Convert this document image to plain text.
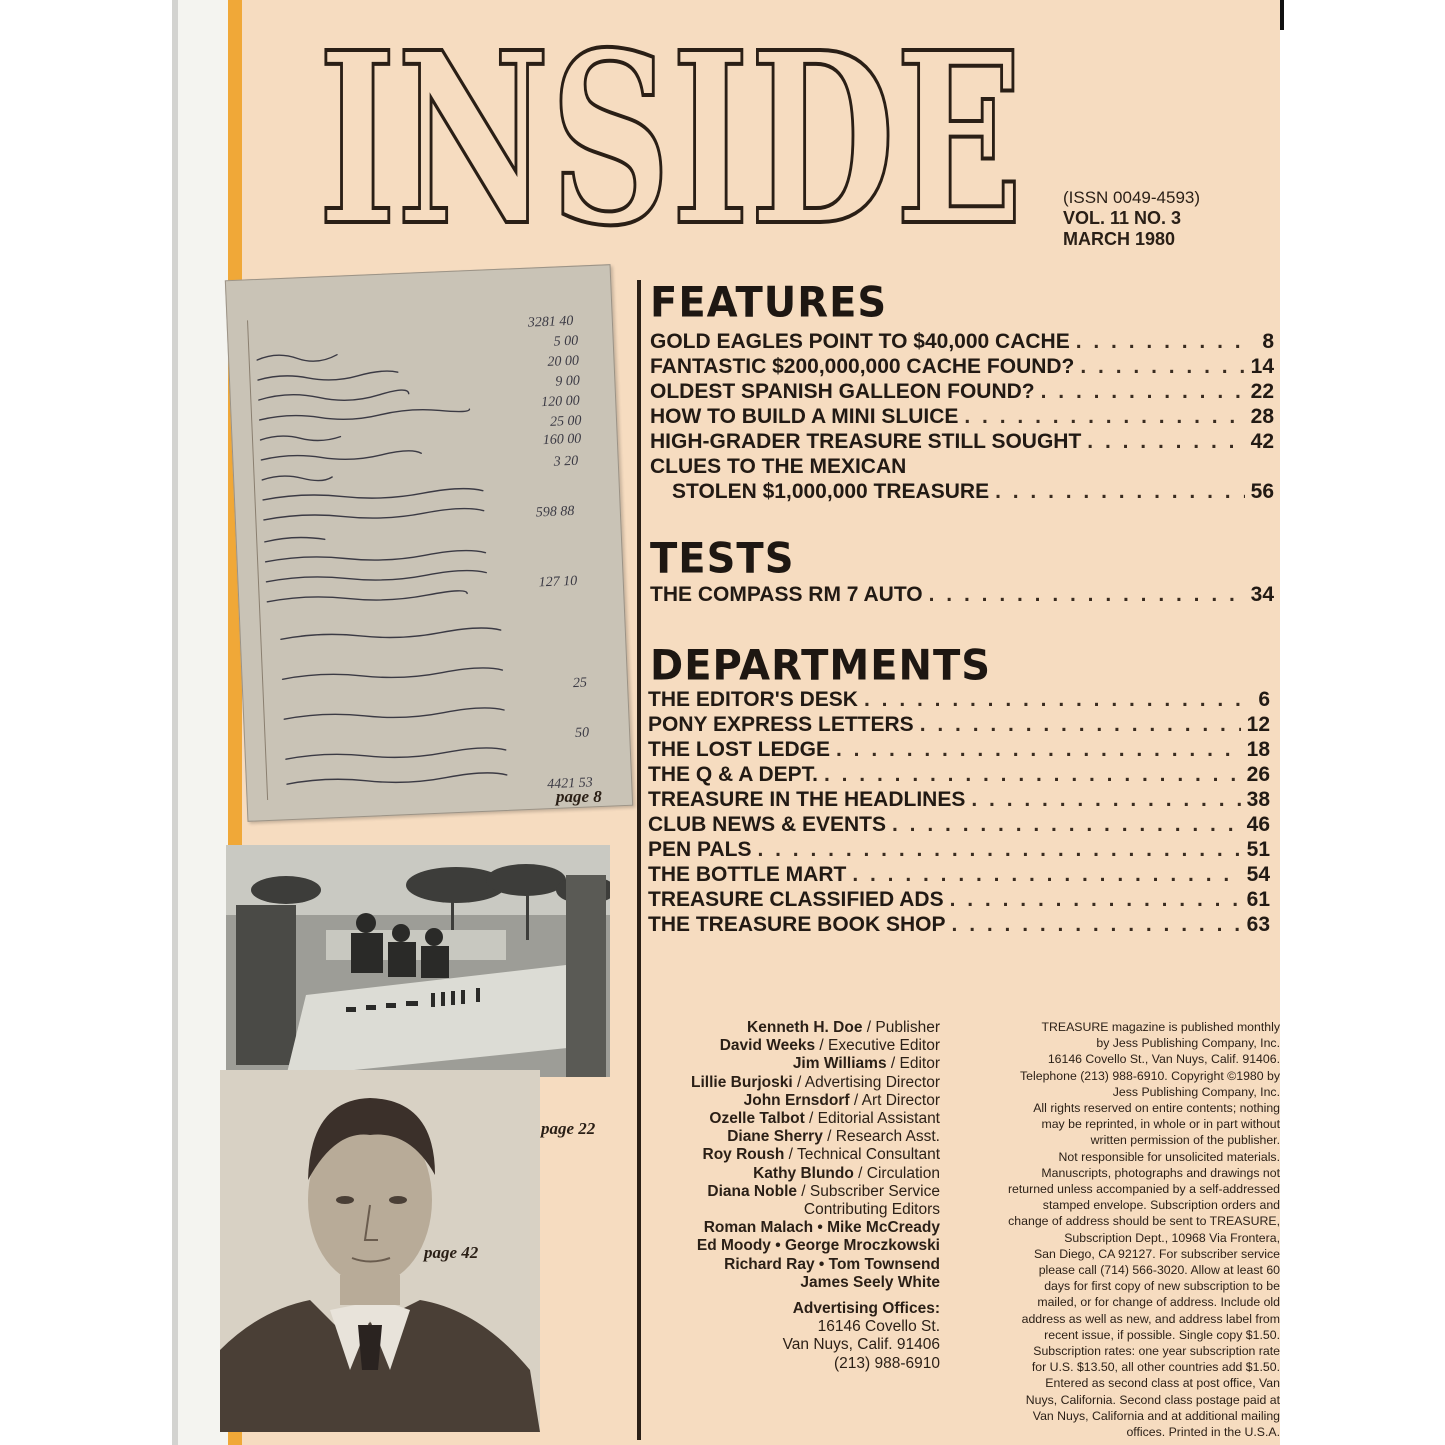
INSIDE (ISSN 0049-4593)
VOL. 11 NO. 3
MARCH 1980
FEATURES
GOLD EAGLES POINT TO $40,000 CACHE . . .	8
FANTASTIC $200,000,000 CACHE FOUND? . . .	14
OLDEST SPANISH GALLEON FOUND? . . .	22
HOW TO BUILD A MINI SLUICE . . .	28
HIGH-GRADER TREASURE STILL SOUGHT . . .	42
CLUES TO THE MEXICAN
STOLEN $1,000,000 TREASURE . . .	56
TESTS
THE COMPASS RM 7 AUTO . . .	34
DEPARTMENTS
THE EDITOR'S DESK . . .	6
PONY EXPRESS LETTERS . . .	12
THE LOST LEDGE . . .	18
THE Q & A DEPT. . . .	26
TREASURE IN THE HEADLINES . . .	38
CLUB NEWS & EVENTS . . .	46
PEN PALS . . .	51
THE BOTTLE MART . . .	54
TREASURE CLASSIFIED ADS . . .	61
THE TREASURE BOOK SHOP . . .	63
3281 40
5 00
20 00
9 00
120 00
25 00
160 00
3 20
598 88
127 10
25
50
4421 53
page 8
page 22
page 42
Kenneth H. Doe / Publisher
David Weeks / Executive Editor
Jim Williams / Editor
Lillie Burjoski / Advertising Director
John Ernsdorf / Art Director
Ozelle Talbot / Editorial Assistant
Diane Sherry / Research Asst.
Roy Roush / Technical Consultant
Kathy Blundo / Circulation
Diana Noble / Subscriber Service
Contributing Editors
Roman Malach • Mike McCready
Ed Moody • George Mroczkowski
Richard Ray • Tom Townsend
James Seely White
Advertising Offices:
16146 Covello St.
Van Nuys, Calif. 91406
(213) 988-6910
TREASURE magazine is published monthly
by Jess Publishing Company, Inc.
16146 Covello St., Van Nuys, Calif. 91406.
Telephone (213) 988-6910. Copyright ©1980 by
Jess Publishing Company, Inc.
All rights reserved on entire contents; nothing
may be reprinted, in whole or in part without
written permission of the publisher.
Not responsible for unsolicited materials.
Manuscripts, photographs and drawings not
returned unless accompanied by a self-addressed
stamped envelope. Subscription orders and
change of address should be sent to TREASURE,
Subscription Dept., 10968 Via Frontera,
San Diego, CA 92127. For subscriber service
please call (714) 566-3020. Allow at least 60
days for first copy of new subscription to be
mailed, or for change of address. Include old
address as well as new, and address label from
recent issue, if possible. Single copy $1.50.
Subscription rates: one year subscription rate
for U.S. $13.50, all other countries add $1.50.
Entered as second class at post office, Van
Nuys, California. Second class postage paid at
Van Nuys, California and at additional mailing
offices. Printed in the U.S.A.
